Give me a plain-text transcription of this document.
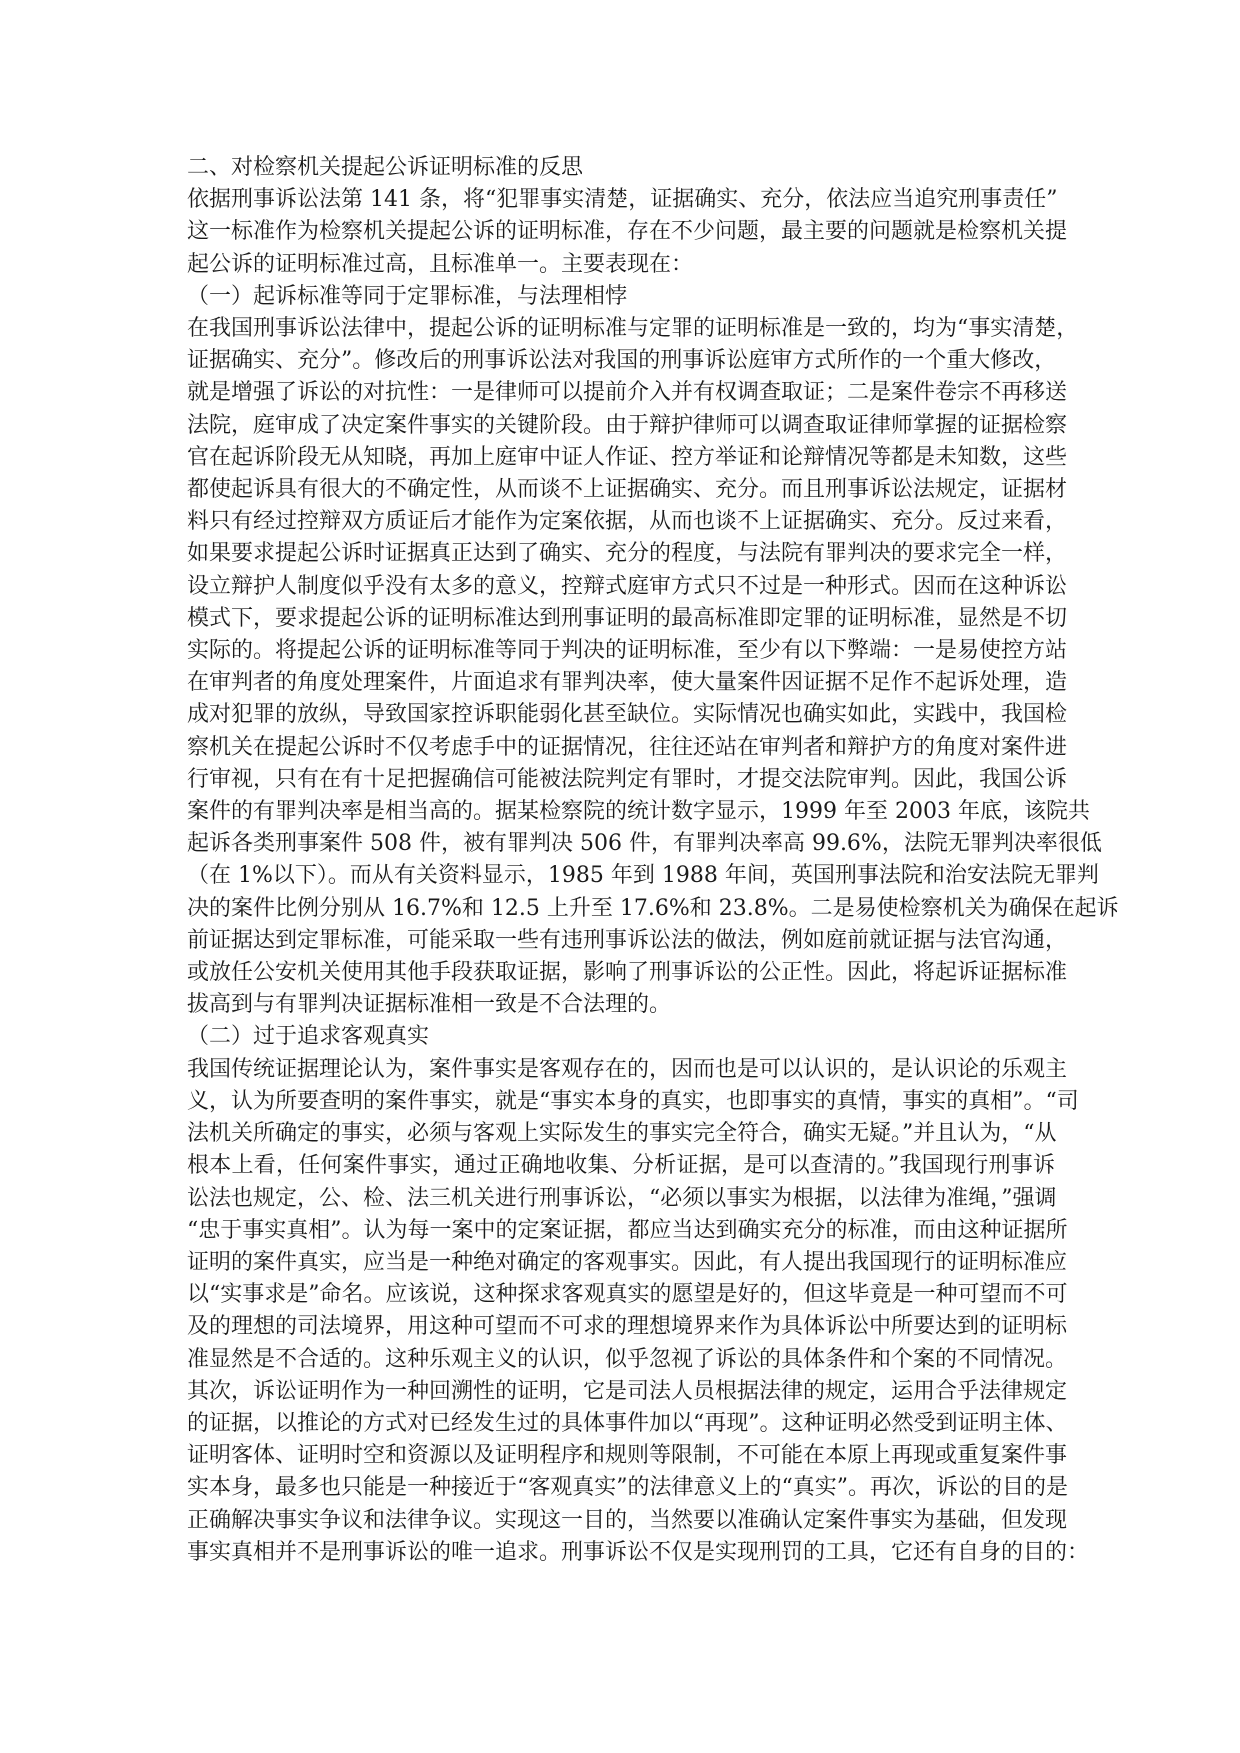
二、对检察机关提起公诉证明标准的反思
依据刑事诉讼法第 141 条，将“犯罪事实清楚，证据确实、充分，依法应当追究刑事责任”
这一标准作为检察机关提起公诉的证明标准，存在不少问题，最主要的问题就是检察机关提
起公诉的证明标准过高，且标准单一。主要表现在：
（一）起诉标准等同于定罪标准，与法理相悖
在我国刑事诉讼法律中，提起公诉的证明标准与定罪的证明标准是一致的，均为“事实清楚，
证据确实、充分”。修改后的刑事诉讼法对我国的刑事诉讼庭审方式所作的一个重大修改，
就是增强了诉讼的对抗性：一是律师可以提前介入并有权调查取证；二是案件卷宗不再移送
法院，庭审成了决定案件事实的关键阶段。由于辩护律师可以调查取证律师掌握的证据检察
官在起诉阶段无从知晓，再加上庭审中证人作证、控方举证和论辩情况等都是未知数，这些
都使起诉具有很大的不确定性，从而谈不上证据确实、充分。而且刑事诉讼法规定，证据材
料只有经过控辩双方质证后才能作为定案依据，从而也谈不上证据确实、充分。反过来看，
如果要求提起公诉时证据真正达到了确实、充分的程度，与法院有罪判决的要求完全一样，
设立辩护人制度似乎没有太多的意义，控辩式庭审方式只不过是一种形式。因而在这种诉讼
模式下，要求提起公诉的证明标准达到刑事证明的最高标准即定罪的证明标准，显然是不切
实际的。将提起公诉的证明标准等同于判决的证明标准，至少有以下弊端：一是易使控方站
在审判者的角度处理案件，片面追求有罪判决率，使大量案件因证据不足作不起诉处理，造
成对犯罪的放纵，导致国家控诉职能弱化甚至缺位。实际情况也确实如此，实践中，我国检
察机关在提起公诉时不仅考虑手中的证据情况，往往还站在审判者和辩护方的角度对案件进
行审视，只有在有十足把握确信可能被法院判定有罪时，才提交法院审判。因此，我国公诉
案件的有罪判决率是相当高的。据某检察院的统计数字显示，1999 年至 2003 年底，该院共
起诉各类刑事案件 508 件，被有罪判决 506 件，有罪判决率高 99.6%，法院无罪判决率很低
（在 1%以下）。而从有关资料显示，1985 年到 1988 年间，英国刑事法院和治安法院无罪判
决的案件比例分别从 16.7%和 12.5 上升至 17.6%和 23.8%。二是易使检察机关为确保在起诉
前证据达到定罪标准，可能采取一些有违刑事诉讼法的做法，例如庭前就证据与法官沟通，
或放任公安机关使用其他手段获取证据，影响了刑事诉讼的公正性。因此，将起诉证据标准
拔高到与有罪判决证据标准相一致是不合法理的。
（二）过于追求客观真实
我国传统证据理论认为，案件事实是客观存在的，因而也是可以认识的，是认识论的乐观主
义，认为所要查明的案件事实，就是“事实本身的真实，也即事实的真情，事实的真相”。“司
法机关所确定的事实，必须与客观上实际发生的事实完全符合，确实无疑。”并且认为，“从
根本上看，任何案件事实，通过正确地收集、分析证据，是可以查清的。”我国现行刑事诉
讼法也规定，公、检、法三机关进行刑事诉讼，“必须以事实为根据，以法律为准绳，”强调
“忠于事实真相”。认为每一案中的定案证据，都应当达到确实充分的标准，而由这种证据所
证明的案件真实，应当是一种绝对确定的客观事实。因此，有人提出我国现行的证明标准应
以“实事求是”命名。应该说，这种探求客观真实的愿望是好的，但这毕竟是一种可望而不可
及的理想的司法境界，用这种可望而不可求的理想境界来作为具体诉讼中所要达到的证明标
准显然是不合适的。这种乐观主义的认识，似乎忽视了诉讼的具体条件和个案的不同情况。
其次，诉讼证明作为一种回溯性的证明，它是司法人员根据法律的规定，运用合乎法律规定
的证据，以推论的方式对已经发生过的具体事件加以“再现”。这种证明必然受到证明主体、
证明客体、证明时空和资源以及证明程序和规则等限制，不可能在本原上再现或重复案件事
实本身，最多也只能是一种接近于“客观真实”的法律意义上的“真实”。再次，诉讼的目的是
正确解决事实争议和法律争议。实现这一目的，当然要以准确认定案件事实为基础，但发现
事实真相并不是刑事诉讼的唯一追求。刑事诉讼不仅是实现刑罚的工具，它还有自身的目的：
